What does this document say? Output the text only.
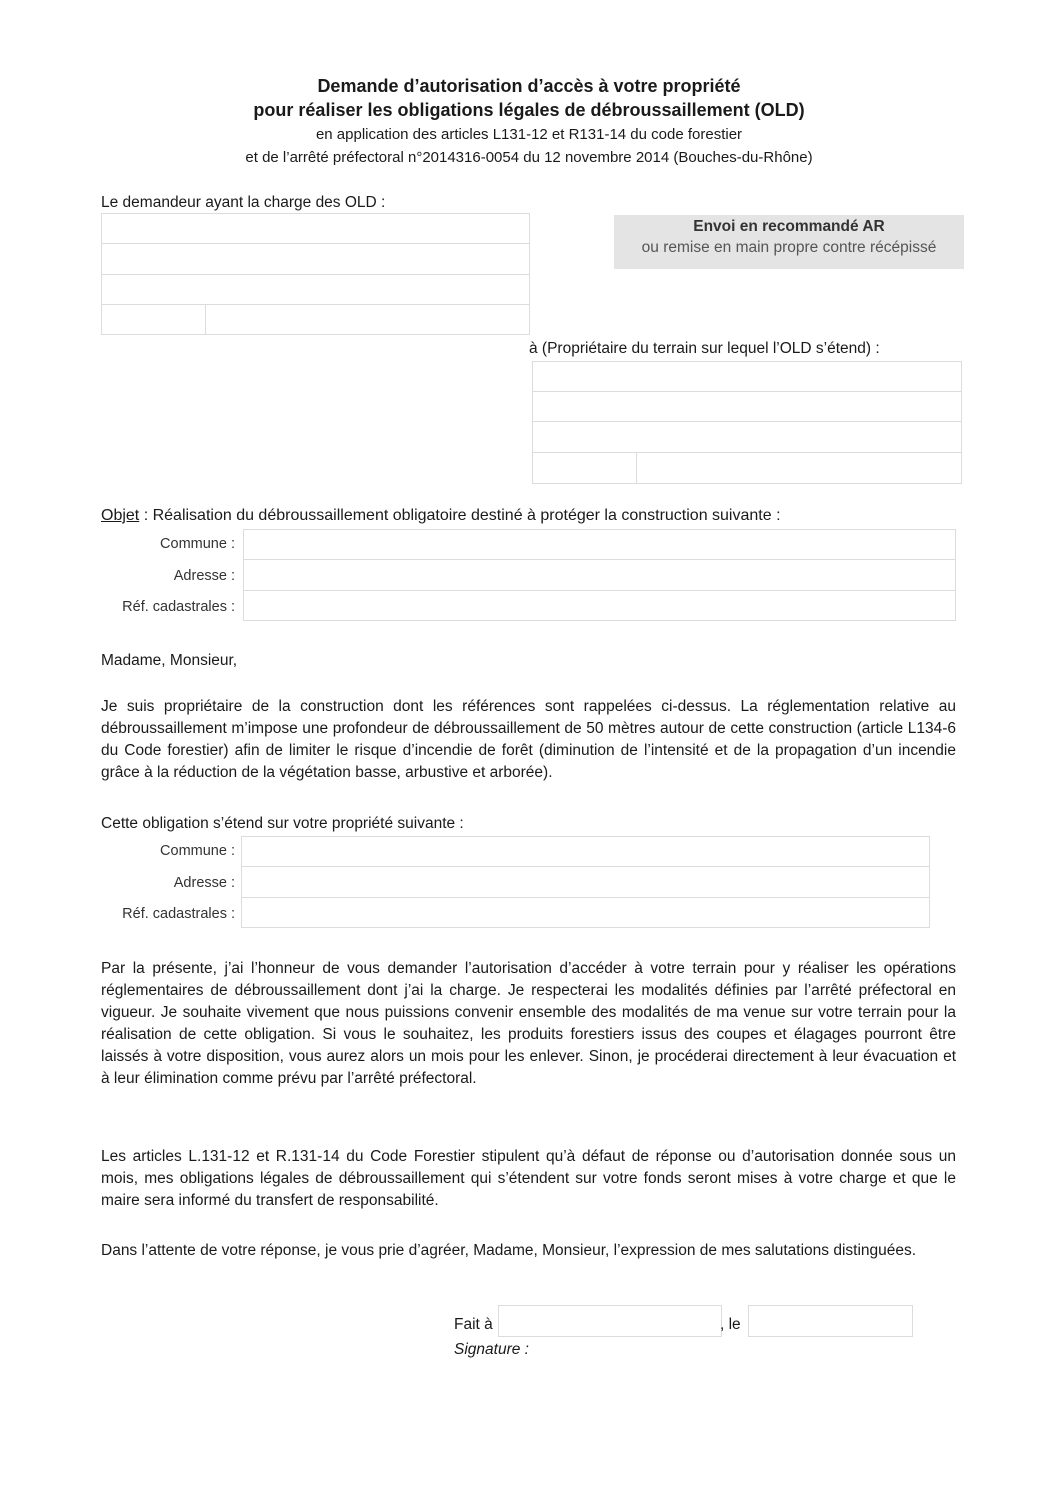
Demande d’autorisation d’accès à votre propriété
pour réaliser les obligations légales de débroussaillement (OLD)
en application des articles L131-12 et R131-14 du code forestier
et de l’arrêté préfectoral n°2014316-0054 du 12 novembre 2014 (Bouches-du-Rhône)
Le demandeur ayant la charge des OLD :
Envoi en recommandé AR
ou remise en main propre contre récépissé
à (Propriétaire du terrain sur lequel l’OLD s’étend) :
Objet : Réalisation du débroussaillement obligatoire destiné à protéger la construction suivante :
Commune :
Adresse :
Réf. cadastrales :
Madame, Monsieur,
Je suis propriétaire de la construction dont les références sont rappelées ci-dessus. La réglementation relative au débroussaillement m’impose une profondeur de débroussaillement de 50 mètres autour de cette construction (article L134-6 du Code forestier) afin de limiter le risque d’incendie de forêt (diminution de l’intensité et de la propagation d’un incendie grâce à la réduction de la végétation basse, arbustive et arborée).
Cette obligation s’étend sur votre propriété suivante :
Commune :
Adresse :
Réf. cadastrales :
Par la présente, j’ai l’honneur de vous demander l’autorisation d’accéder à votre terrain pour y réaliser les opérations réglementaires de débroussaillement dont j’ai la charge. Je respecterai les modalités définies par l’arrêté préfectoral en vigueur. Je souhaite vivement que nous puissions convenir ensemble des modalités de ma venue sur votre terrain pour la réalisation de cette obligation. Si vous le souhaitez, les produits forestiers issus des coupes et élagages pourront être laissés à votre disposition, vous aurez alors un mois pour les enlever. Sinon, je procéderai directement à leur évacuation et à leur élimination comme prévu par l’arrêté préfectoral.
Les articles L.131-12 et R.131-14 du Code Forestier stipulent qu’à défaut de réponse ou d’autorisation donnée sous un mois, mes obligations légales de débroussaillement qui s’étendent sur votre fonds seront mises à votre charge et que le maire sera informé du transfert de responsabilité.
Dans l’attente de votre réponse, je vous prie d’agréer, Madame, Monsieur, l’expression de mes salutations distinguées.
Fait à	, le
Signature :
